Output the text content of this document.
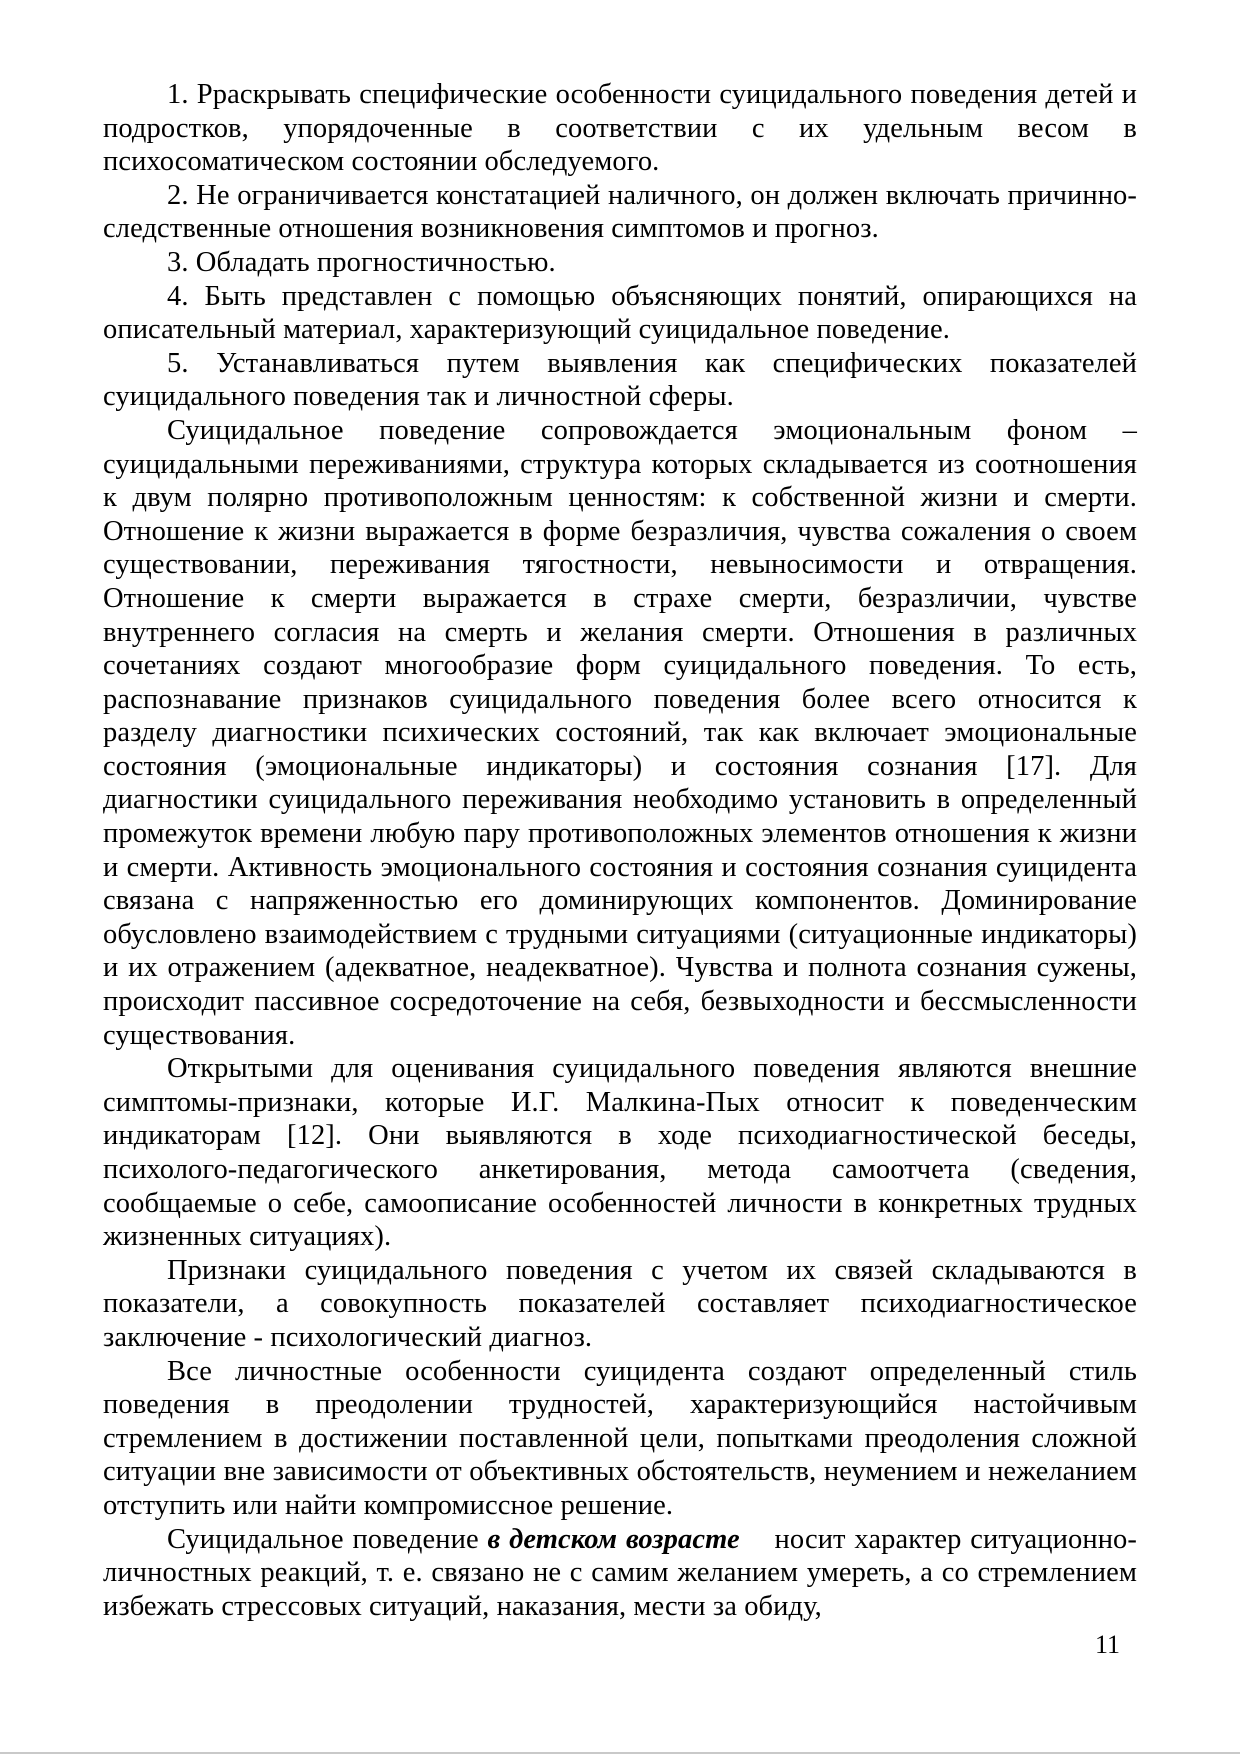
1. Рраскрывать специфические особенности суицидального поведения детей и подростков, упорядоченные в соответствии с их удельным весом в психосоматическом состоянии обследуемого.

2. Не ограничивается констатацией наличного, он должен включать причинно-следственные отношения возникновения симптомов и прогноз.

3. Обладать прогностичностью.

4. Быть представлен с помощью объясняющих понятий, опирающихся на описательный материал, характеризующий суицидальное поведение.

5. Устанавливаться путем выявления как специфических показателей суицидального поведения так и личностной сферы.

Суицидальное поведение сопровождается эмоциональным фоном – суицидальными переживаниями, структура которых складывается из соотношения к двум полярно противоположным ценностям: к собственной жизни и смерти. Отношение к жизни выражается в форме безразличия, чувства сожаления о своем существовании, переживания тягостности, невыносимости и отвращения. Отношение к смерти выражается в страхе смерти, безразличии, чувстве внутреннего согласия на смерть и желания смерти. Отношения в различных сочетаниях создают многообразие форм суицидального поведения. То есть, распознавание признаков суицидального поведения более всего относится к разделу диагностики психических состояний, так как включает эмоциональные состояния (эмоциональные индикаторы) и состояния сознания [17]. Для диагностики суицидального переживания необходимо установить в определенный промежуток времени любую пару противоположных элементов отношения к жизни и смерти. Активность эмоционального состояния и состояния сознания суицидента связана с напряженностью его доминирующих компонентов. Доминирование обусловлено взаимодействием с трудными ситуациями (ситуационные индикаторы) и их отражением (адекватное, неадекватное). Чувства и полнота сознания сужены, происходит пассивное сосредоточение на себя, безвыходности и бессмысленности существования.

Открытыми для оценивания суицидального поведения являются внешние симптомы-признаки, которые И.Г. Малкина-Пых относит к поведенческим индикаторам [12]. Они выявляются в ходе психодиагностической беседы, психолого-педагогического анкетирования, метода самоотчета (сведения, сообщаемые о себе, самоописание особенностей личности в конкретных трудных жизненных ситуациях).

Признаки суицидального поведения с учетом их связей складываются в показатели, а совокупность показателей составляет психодиагностическое заключение - психологический диагноз.

Все личностные особенности суицидента создают определенный стиль поведения в преодолении трудностей, характеризующийся настойчивым стремлением в достижении поставленной цели, попытками преодоления сложной ситуации вне зависимости от объективных обстоятельств, неумением и нежеланием отступить или найти компромиссное решение.

Суицидальное поведение в детском возрасте носит характер ситуационно-личностных реакций, т. е. связано не с самим желанием умереть, а со стремлением избежать стрессовых ситуаций, наказания, мести за обиду,

11
